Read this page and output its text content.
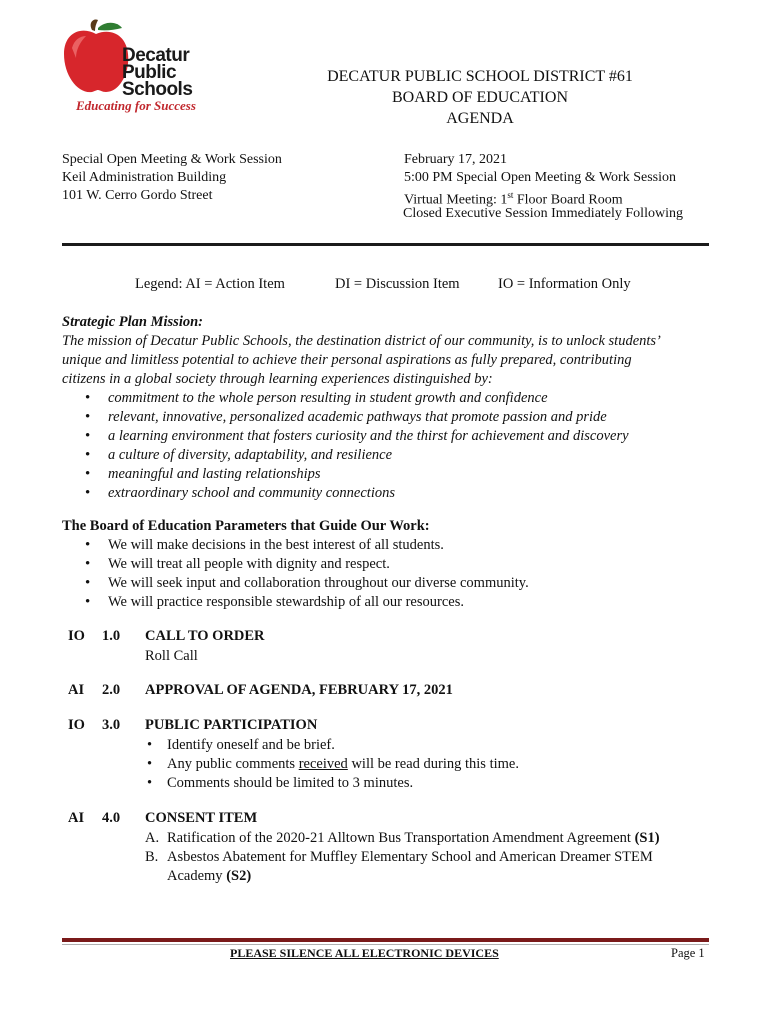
Decatur
Public
Schools
Educating for Success
DECATUR PUBLIC SCHOOL DISTRICT #61
BOARD OF EDUCATION
AGENDA
Special Open Meeting & Work Session
Keil Administration Building
101 W. Cerro Gordo Street
February 17, 2021
5:00 PM Special Open Meeting & Work Session
Virtual Meeting: 1st Floor Board Room
Closed Executive Session Immediately Following
Legend: AI = Action Item	DI = Discussion Item	IO = Information Only
Strategic Plan Mission:
The mission of Decatur Public Schools, the destination district of our community, is to unlock students’
unique and limitless potential to achieve their personal aspirations as fully prepared, contributing
citizens in a global society through learning experiences distinguished by:
• commitment to the whole person resulting in student growth and confidence
• relevant, innovative, personalized academic pathways that promote passion and pride
• a learning environment that fosters curiosity and the thirst for achievement and discovery
• a culture of diversity, adaptability, and resilience
• meaningful and lasting relationships
• extraordinary school and community connections
The Board of Education Parameters that Guide Our Work:
• We will make decisions in the best interest of all students.
• We will treat all people with dignity and respect.
• We will seek input and collaboration throughout our diverse community.
• We will practice responsible stewardship of all our resources.
IO 1.0 CALL TO ORDER
Roll Call
AI 2.0 APPROVAL OF AGENDA, FEBRUARY 17, 2021
IO 3.0 PUBLIC PARTICIPATION
• Identify oneself and be brief.
• Any public comments received will be read during this time.
• Comments should be limited to 3 minutes.
AI 4.0 CONSENT ITEM
A. Ratification of the 2020-21 Alltown Bus Transportation Amendment Agreement (S1)
B. Asbestos Abatement for Muffley Elementary School and American Dreamer STEM
Academy (S2)
PLEASE SILENCE ALL ELECTRONIC DEVICES	Page 1
